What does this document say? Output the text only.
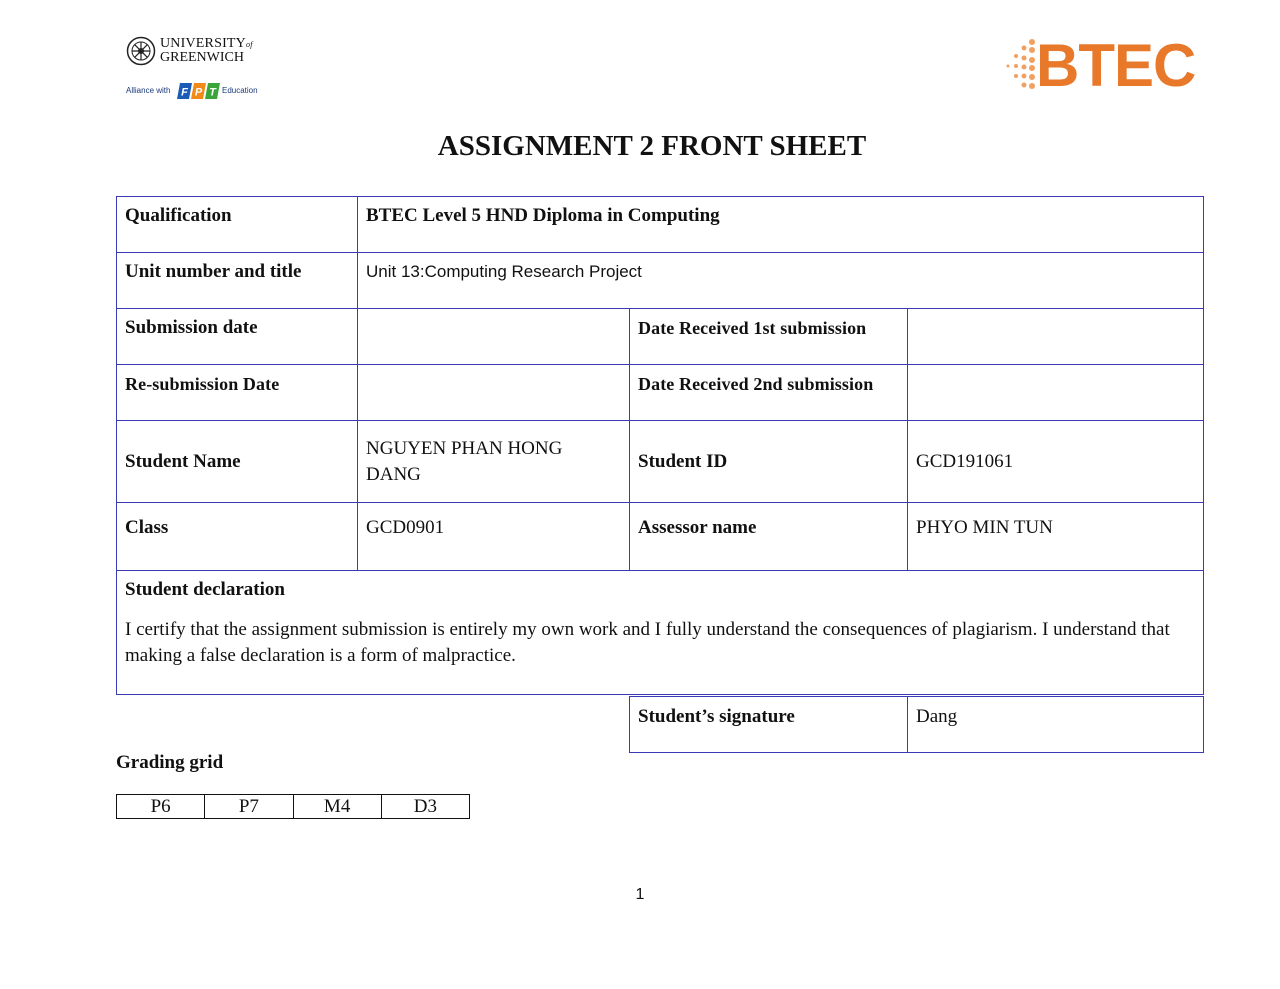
UNIVERSITYof
GREENWICH
Alliance with F P T Education	BTEC
ASSIGNMENT 2 FRONT SHEET
Qualification	BTEC Level 5 HND Diploma in Computing		
Unit number and title	Unit 13:Computing Research Project		
Submission date		Date Received 1st submission	
Re-submission Date		Date Received 2nd submission	
Student Name	NGUYEN PHAN HONG DANG	Student ID	GCD191061
Class	GCD0901	Assessor name	PHYO MIN TUN

Student declaration

I certify that the assignment submission is entirely my own work and I fully understand the consequences of plagiarism. I understand that making a false declaration is a form of malpractice.			

Student’s signature	Dang
Grading grid
P6	P7	M4	D3
1
